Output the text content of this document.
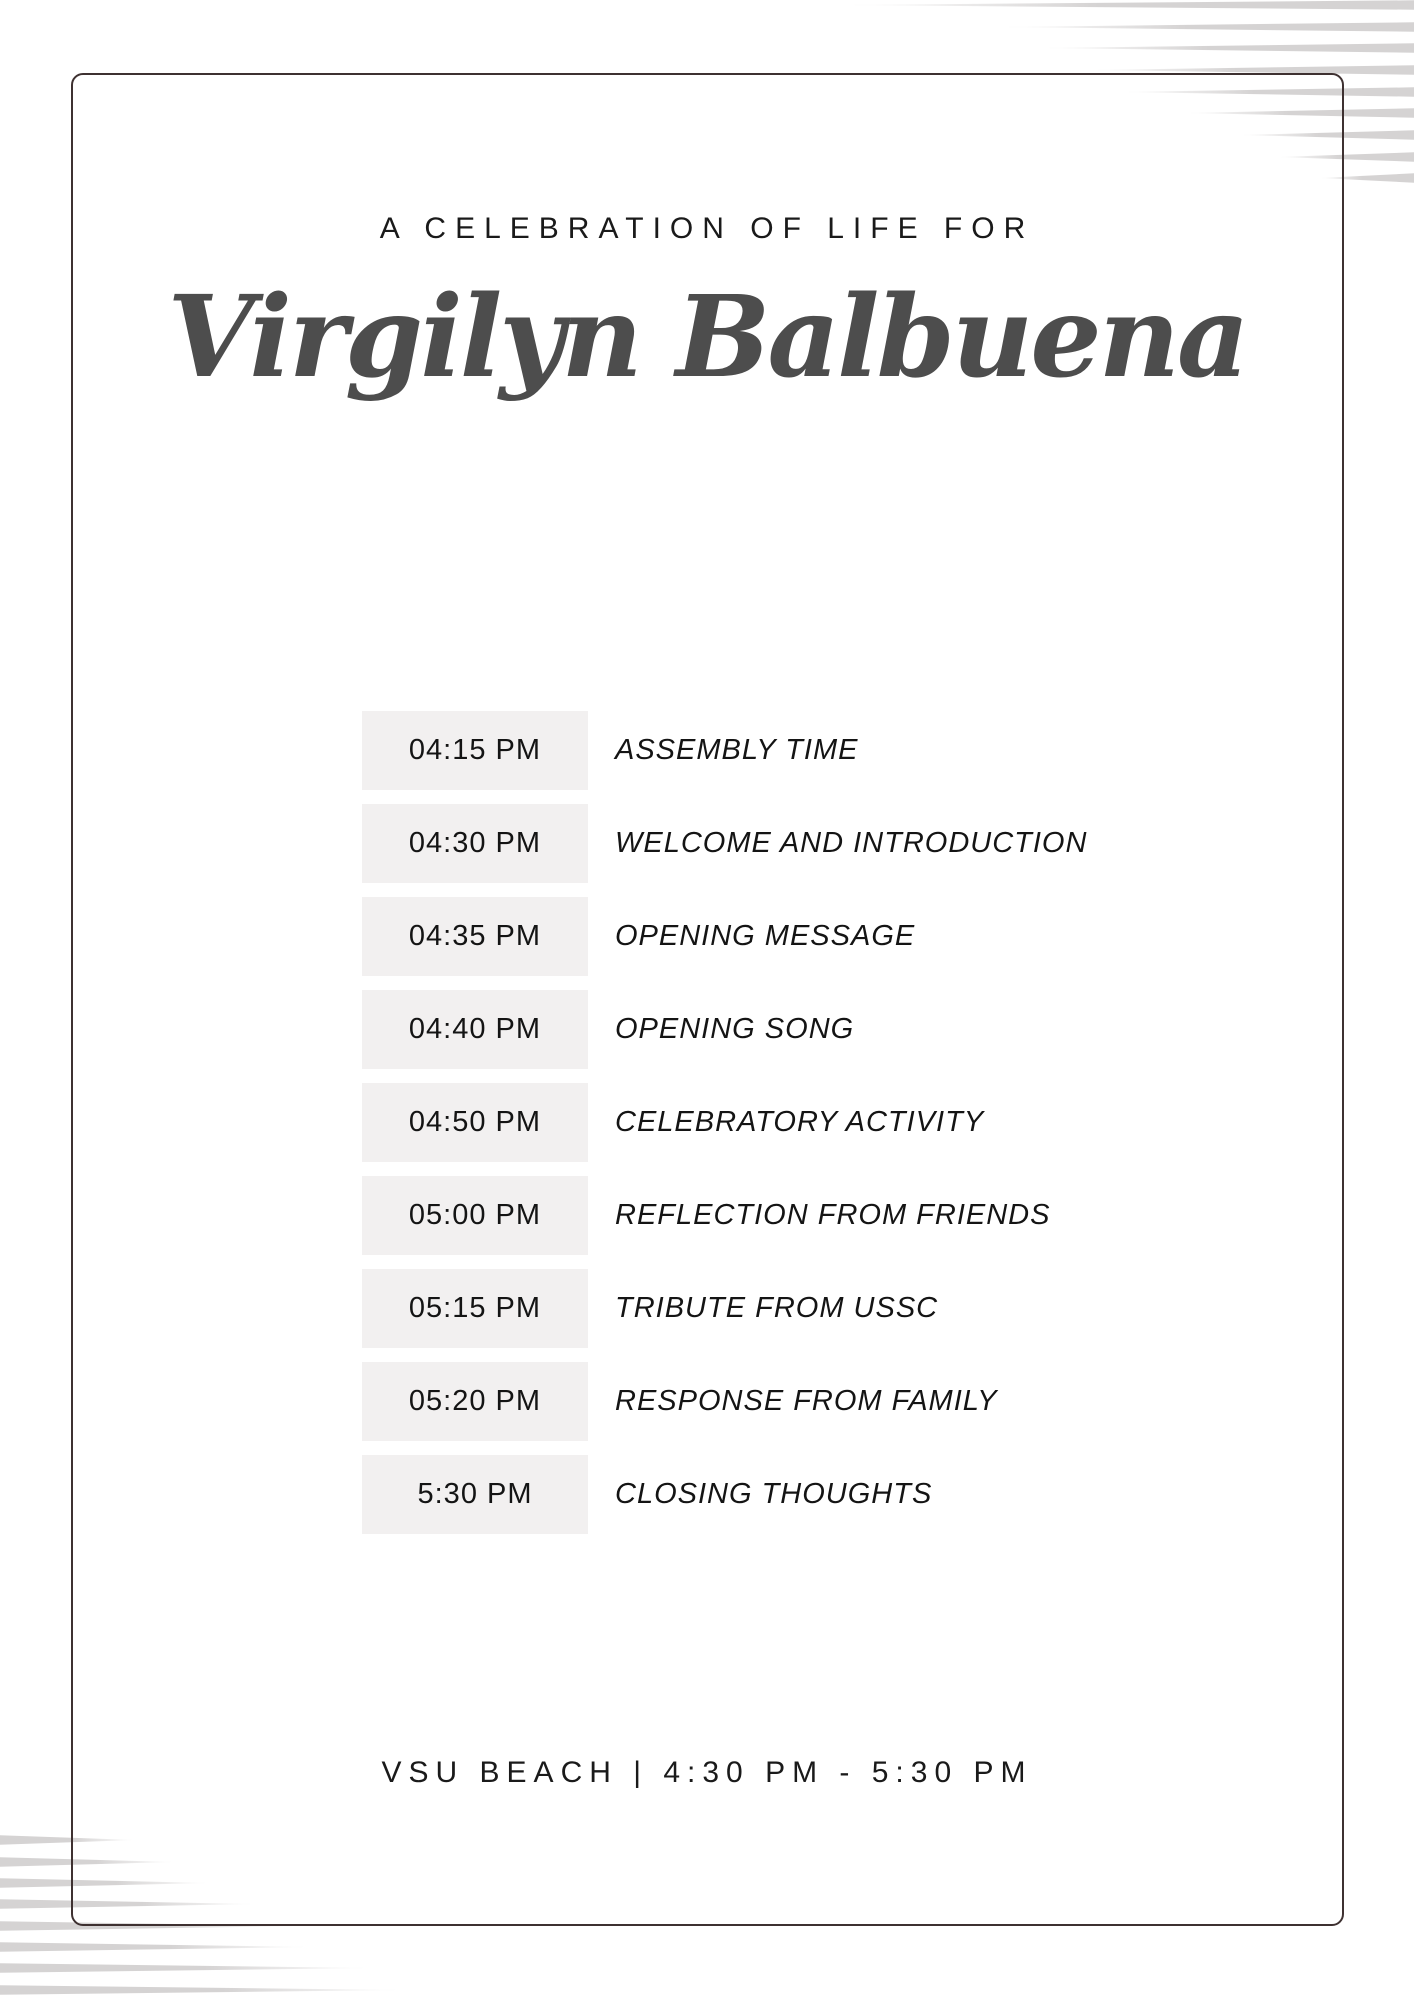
A CELEBRATION OF LIFE FOR
Virgilyn Balbuena
04:15 PM	ASSEMBLY TIME
04:30 PM	WELCOME AND INTRODUCTION
04:35 PM	OPENING MESSAGE
04:40 PM	OPENING SONG
04:50 PM	CELEBRATORY ACTIVITY
05:00 PM	REFLECTION FROM FRIENDS
05:15 PM	TRIBUTE FROM USSC
05:20 PM	RESPONSE FROM FAMILY
5:30 PM	CLOSING THOUGHTS
VSU BEACH | 4:30 PM - 5:30 PM
